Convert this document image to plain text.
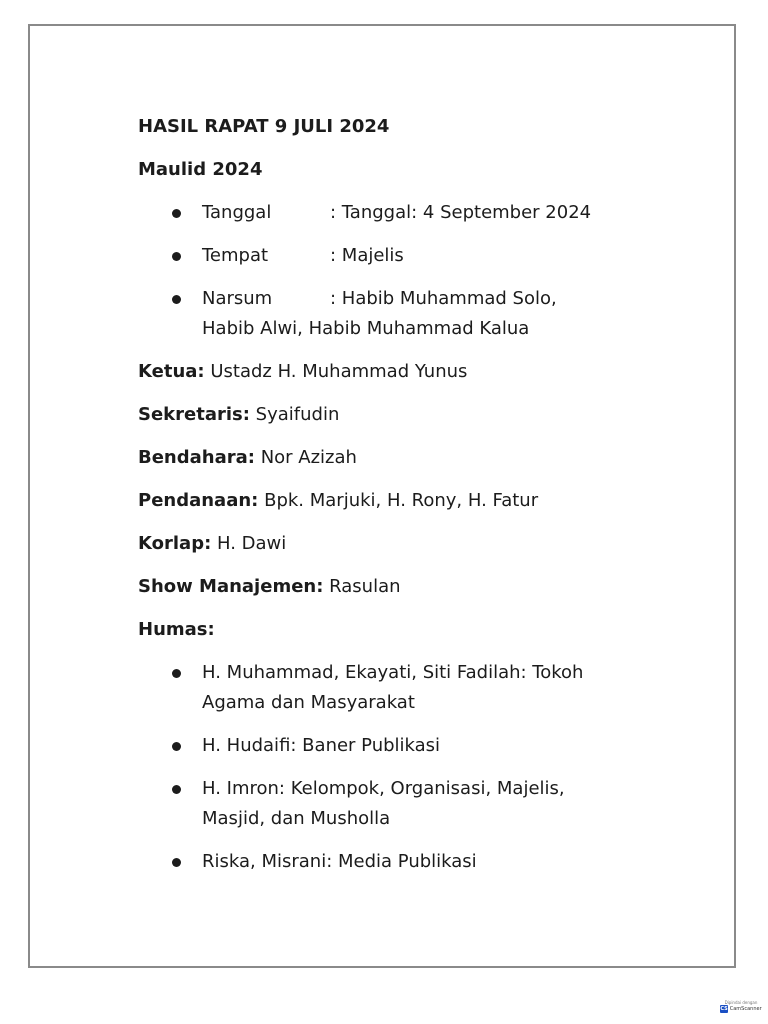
HASIL RAPAT 9 JULI 2024
Maulid 2024
Tanggal	: Tanggal: 4 September 2024
Tempat	: Majelis
Narsum	: Habib Muhammad Solo,
Habib Alwi, Habib Muhammad Kalua
Ketua: Ustadz H. Muhammad Yunus
Sekretaris: Syaifudin
Bendahara: Nor Azizah
Pendanaan: Bpk. Marjuki, H. Rony, H. Fatur
Korlap: H. Dawi
Show Manajemen: Rasulan
Humas:
H. Muhammad, Ekayati, Siti Fadilah: Tokoh
Agama dan Masyarakat
H. Hudaifi: Baner Publikasi
H. Imron: Kelompok, Organisasi, Majelis,
Masjid, dan Musholla
Riska, Misrani: Media Publikasi
Dipindai dengan
CS CamScanner
